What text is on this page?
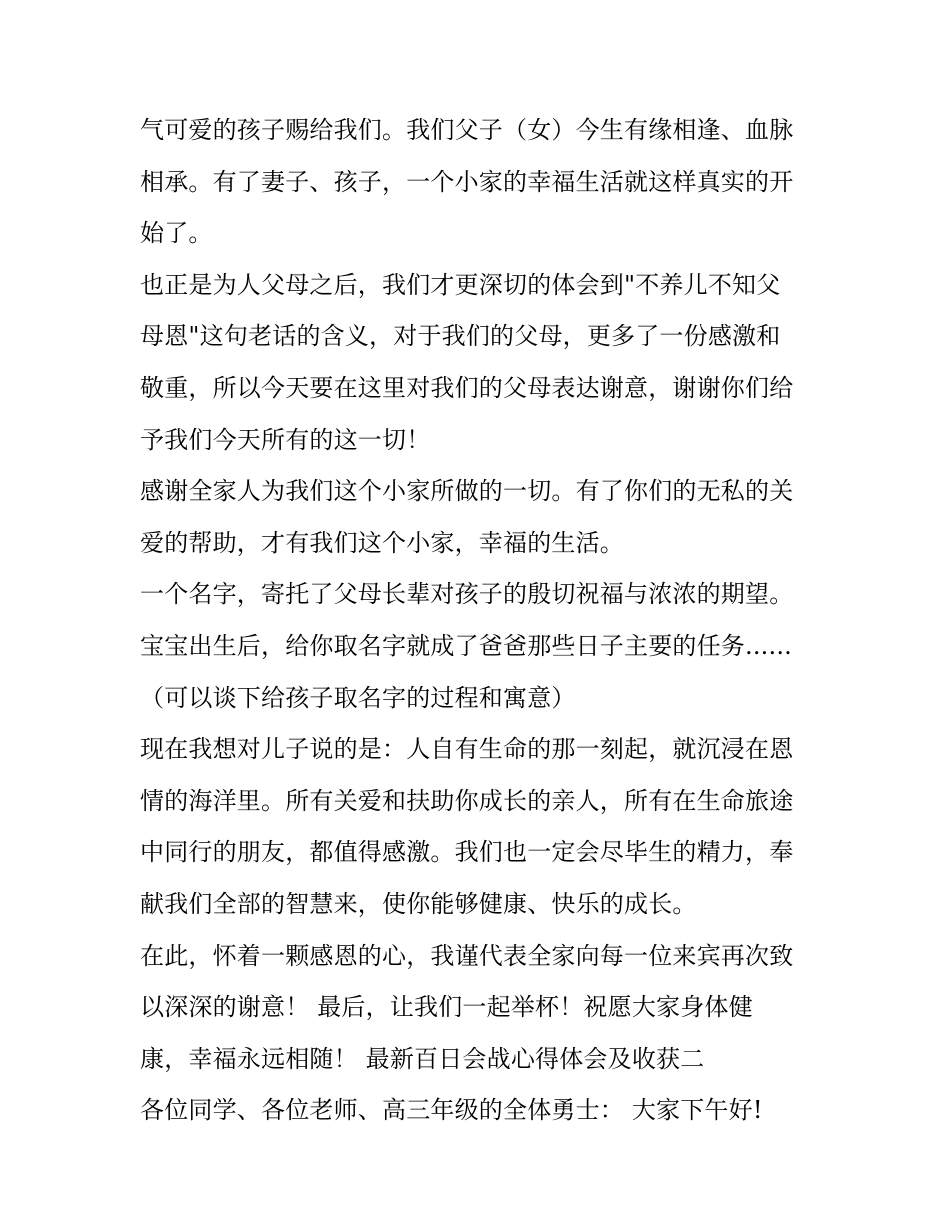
气可爱的孩子赐给我们。我们父子（女）今生有缘相逢、血脉
相承。有了妻子、孩子，一个小家的幸福生活就这样真实的开
始了。
也正是为人父母之后，我们才更深切的体会到"不养儿不知父
母恩"这句老话的含义，对于我们的父母，更多了一份感激和
敬重，所以今天要在这里对我们的父母表达谢意，谢谢你们给
予我们今天所有的这一切！
感谢全家人为我们这个小家所做的一切。有了你们的无私的关
爱的帮助，才有我们这个小家，幸福的生活。
一个名字，寄托了父母长辈对孩子的殷切祝福与浓浓的期望。
宝宝出生后，给你取名字就成了爸爸那些日子主要的任务......
（可以谈下给孩子取名字的过程和寓意）
现在我想对儿子说的是：人自有生命的那一刻起，就沉浸在恩
情的海洋里。所有关爱和扶助你成长的亲人，所有在生命旅途
中同行的朋友，都值得感激。我们也一定会尽毕生的精力，奉
献我们全部的智慧来，使你能够健康、快乐的成长。
在此，怀着一颗感恩的心，我谨代表全家向每一位来宾再次致
以深深的谢意！ 最后，让我们一起举杯！祝愿大家身体健
康，幸福永远相随！ 最新百日会战心得体会及收获二
各位同学、各位老师、高三年级的全体勇士： 大家下午好!
